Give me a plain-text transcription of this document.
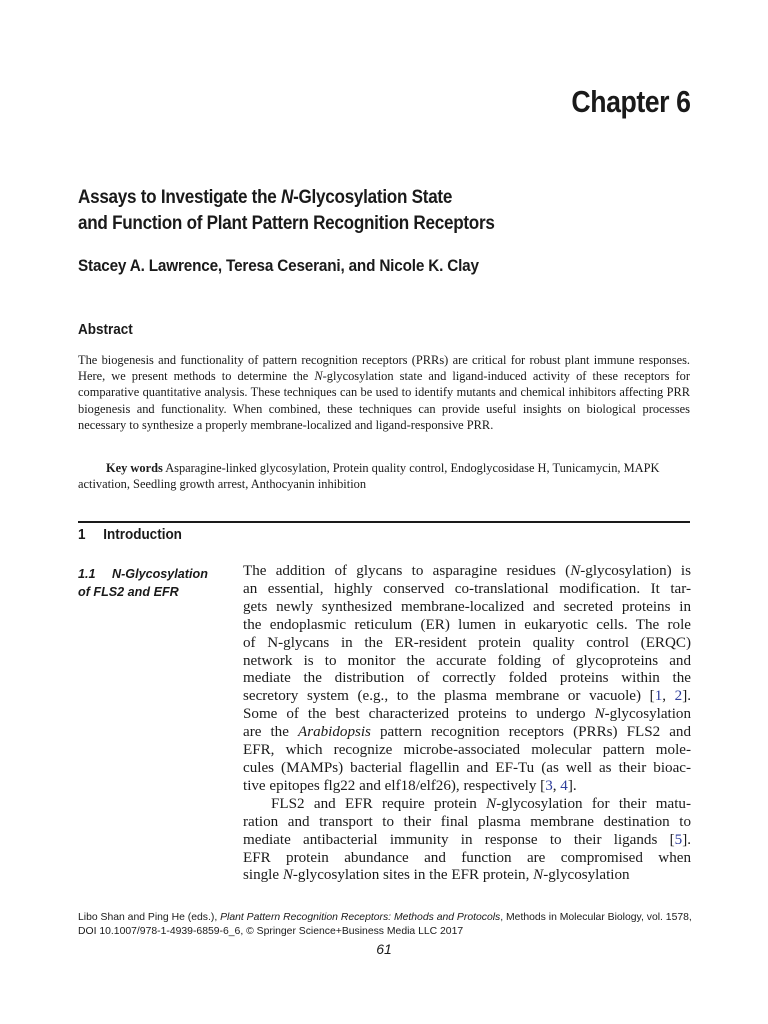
Chapter 6
Assays to Investigate the N-Glycosylation State
and Function of Plant Pattern Recognition Receptors
Stacey A. Lawrence, Teresa Ceserani, and Nicole K. Clay
Abstract
The biogenesis and functionality of pattern recognition receptors (PRRs) are critical for robust plant immune responses. Here, we present methods to determine the N-glycosylation state and ligand-induced activity of these receptors for comparative quantitative analysis. These techniques can be used to identify mutants and chemical inhibitors affecting PRR biogenesis and functionality. When combined, these techniques can provide useful insights on biological processes necessary to synthesize a properly membrane-localized and ligand-responsive PRR.
Key words Asparagine-linked glycosylation, Protein quality control, Endoglycosidase H, Tunicamycin, MAPK activation, Seedling growth arrest, Anthocyanin inhibition
1 Introduction
1.1 N-Glycosylation
of FLS2 and EFR
The addition of glycans to asparagine residues (N-glycosylation) is
an essential, highly conserved co-translational modification. It tar-
gets newly synthesized membrane-localized and secreted proteins in
the endoplasmic reticulum (ER) lumen in eukaryotic cells. The role
of N-glycans in the ER-resident protein quality control (ERQC)
network is to monitor the accurate folding of glycoproteins and
mediate the distribution of correctly folded proteins within the
secretory system (e.g., to the plasma membrane or vacuole) [1, 2].
Some of the best characterized proteins to undergo N-glycosylation
are the Arabidopsis pattern recognition receptors (PRRs) FLS2 and
EFR, which recognize microbe-associated molecular pattern mole-
cules (MAMPs) bacterial flagellin and EF-Tu (as well as their bioac-
tive epitopes flg22 and elf18/elf26), respectively [3, 4].
FLS2 and EFR require protein N-glycosylation for their matu-
ration and transport to their final plasma membrane destination to
mediate antibacterial immunity in response to their ligands [5].
EFR protein abundance and function are compromised when
single N-glycosylation sites in the EFR protein, N-glycosylation
Libo Shan and Ping He (eds.), Plant Pattern Recognition Receptors: Methods and Protocols, Methods in Molecular Biology, vol. 1578,
DOI 10.1007/978-1-4939-6859-6_6, © Springer Science+Business Media LLC 2017
61
